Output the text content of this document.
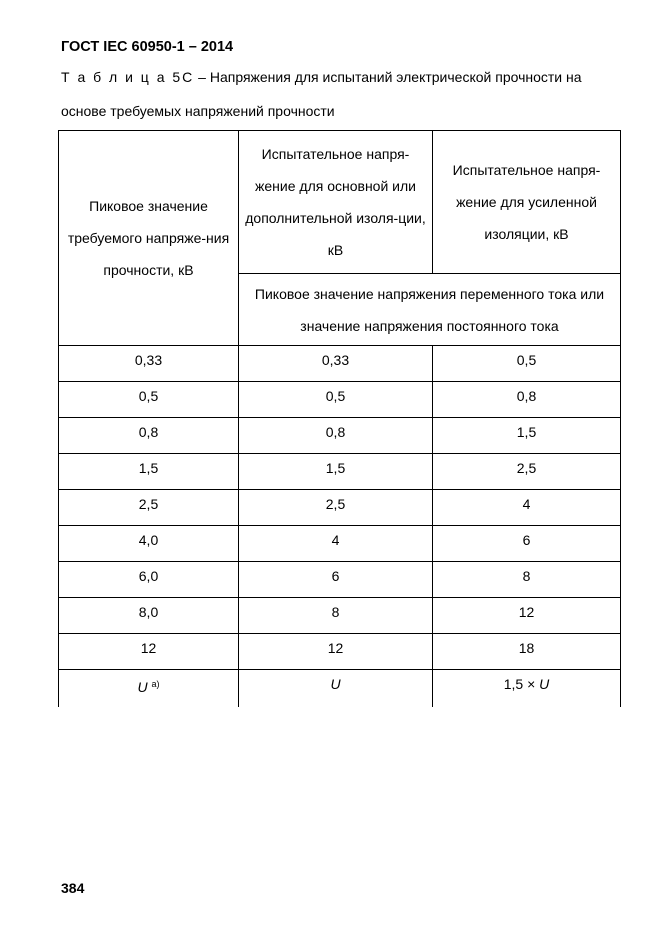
ГОСТ IEC 60950-1 – 2014
Т а б л и ц а 5С – Напряжения для испытаний электрической прочности на основе требуемых напряжений прочности
Пиковое значение требуемого напряже-ния прочности, кВ	Испытательное напря-жение для основной или дополнительной изоля-ции, кВ	Испытательное напря-жение для усиленной изоляции, кВ
	Пиковое значение напряжения переменного тока или значение напряжения постоянного тока	
0,33	0,33	0,5
0,5	0,5	0,8
0,8	0,8	1,5
1,5	1,5	2,5
2,5	2,5	4
4,0	4	6
6,0	6	8
8,0	8	12
12	12	18
U $^{а)}$	U	1,5 × U
384
